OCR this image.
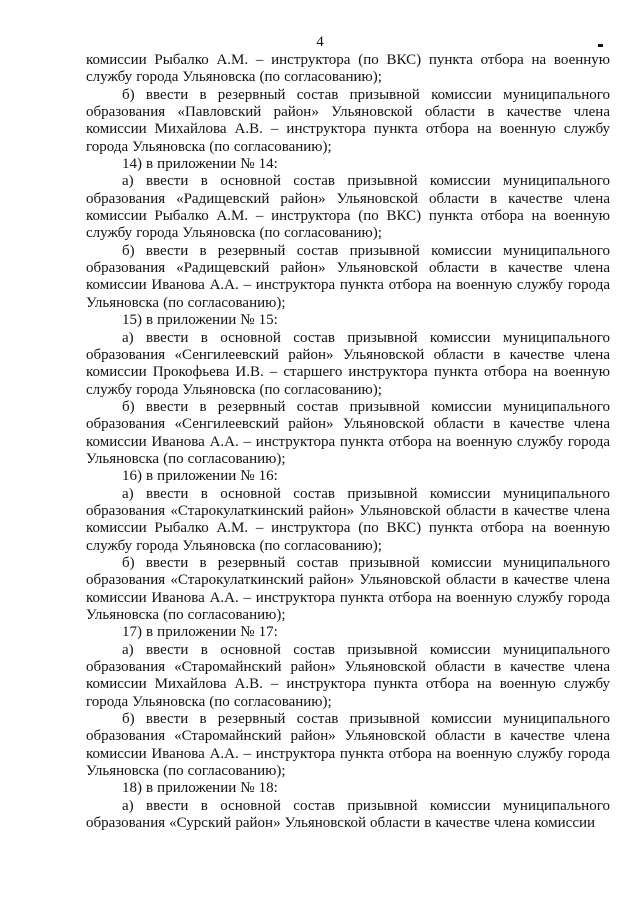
4

комиссии Рыбалко А.М. – инструктора (по ВКС) пункта отбора на военную службу города Ульяновска (по согласованию);

б) ввести в резервный состав призывной комиссии муниципального образования «Павловский район» Ульяновской области в качестве члена комиссии Михайлова А.В. – инструктора пункта отбора на военную службу города Ульяновска (по согласованию);

14) в приложении № 14:

а) ввести в основной состав призывной комиссии муниципального образования «Радищевский район» Ульяновской области в качестве члена комиссии Рыбалко А.М. – инструктора (по ВКС) пункта отбора на военную службу города Ульяновска (по согласованию);

б) ввести в резервный состав призывной комиссии муниципального образования «Радищевский район» Ульяновской области в качестве члена комиссии Иванова А.А. – инструктора пункта отбора на военную службу города Ульяновска (по согласованию);

15) в приложении № 15:

а) ввести в основной состав призывной комиссии муниципального образования «Сенгилеевский район» Ульяновской области в качестве члена комиссии Прокофьева И.В. – старшего инструктора пункта отбора на военную службу города Ульяновска (по согласованию);

б) ввести в резервный состав призывной комиссии муниципального образования «Сенгилеевский район» Ульяновской области в качестве члена комиссии Иванова А.А. – инструктора пункта отбора на военную службу города Ульяновска (по согласованию);

16) в приложении № 16:

а) ввести в основной состав призывной комиссии муниципального образования «Старокулаткинский район» Ульяновской области в качестве члена комиссии Рыбалко А.М. – инструктора (по ВКС) пункта отбора на военную службу города Ульяновска (по согласованию);

б) ввести в резервный состав призывной комиссии муниципального образования «Старокулаткинский район» Ульяновской области в качестве члена комиссии Иванова А.А. – инструктора пункта отбора на военную службу города Ульяновска (по согласованию);

17) в приложении № 17:

а) ввести в основной состав призывной комиссии муниципального образования «Старомайнский район» Ульяновской области в качестве члена комиссии Михайлова А.В. – инструктора пункта отбора на военную службу города Ульяновска (по согласованию);

б) ввести в резервный состав призывной комиссии муниципального образования «Старомайнский район» Ульяновской области в качестве члена комиссии Иванова А.А. – инструктора пункта отбора на военную службу города Ульяновска (по согласованию);

18) в приложении № 18:

а) ввести в основной состав призывной комиссии муниципального образования «Сурский район» Ульяновской области в качестве члена комиссии
